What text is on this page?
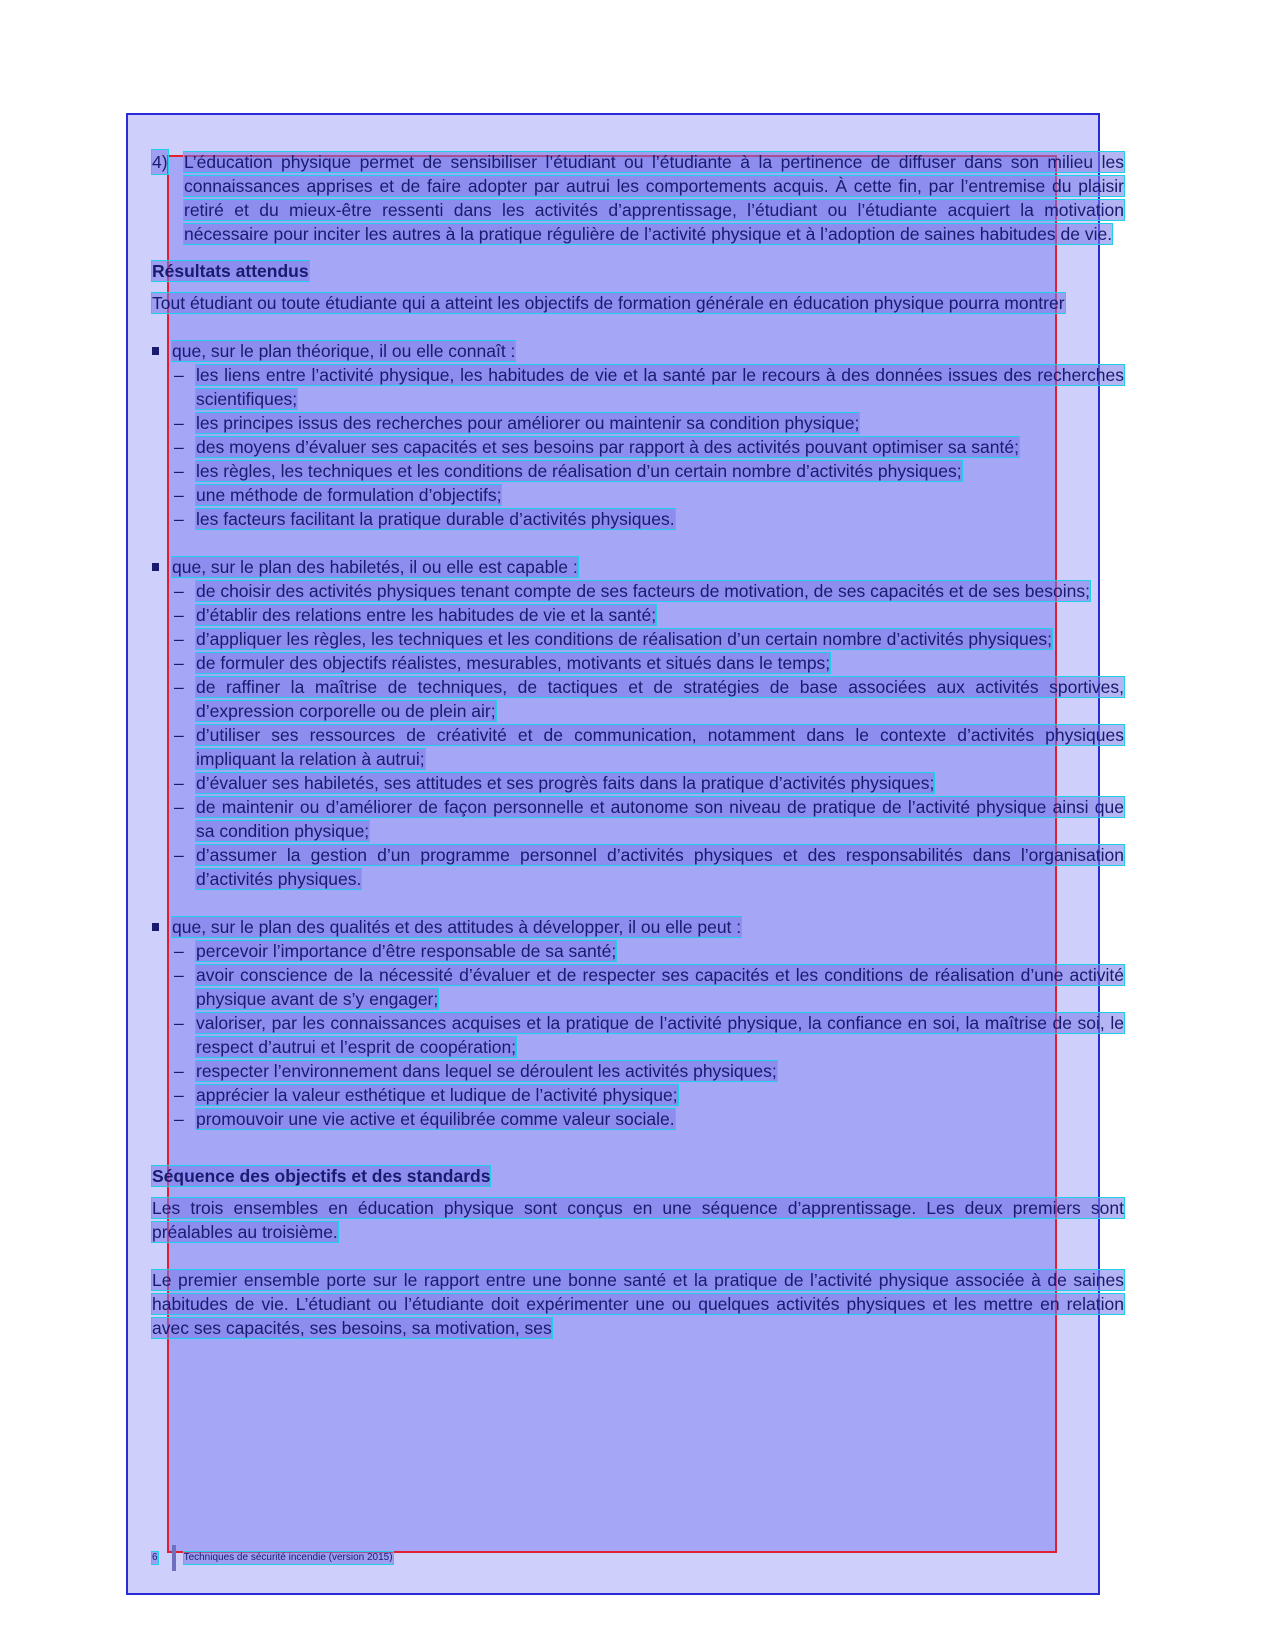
4) L’éducation physique permet de sensibiliser l’étudiant ou l’étudiante à la pertinence de diffuser dans son milieu les connaissances apprises et de faire adopter par autrui les comportements acquis. À cette fin, par l’entremise du plaisir retiré et du mieux-être ressenti dans les activités d’apprentissage, l’étudiant ou l’étudiante acquiert la motivation nécessaire pour inciter les autres à la pratique régulière de l’activité physique et à l’adoption de saines habitudes de vie.

Résultats attendus

Tout étudiant ou toute étudiante qui a atteint les objectifs de formation générale en éducation physique pourra montrer

que, sur le plan théorique, il ou elle connaît :
– les liens entre l’activité physique, les habitudes de vie et la santé par le recours à des données issues des recherches scientifiques;
– les principes issus des recherches pour améliorer ou maintenir sa condition physique;
– des moyens d’évaluer ses capacités et ses besoins par rapport à des activités pouvant optimiser sa santé;
– les règles, les techniques et les conditions de réalisation d’un certain nombre d’activités physiques;
– une méthode de formulation d’objectifs;
– les facteurs facilitant la pratique durable d’activités physiques.
que, sur le plan des habiletés, il ou elle est capable :
– de choisir des activités physiques tenant compte de ses facteurs de motivation, de ses capacités et de ses besoins;
– d’établir des relations entre les habitudes de vie et la santé;
– d’appliquer les règles, les techniques et les conditions de réalisation d’un certain nombre d’activités physiques;
– de formuler des objectifs réalistes, mesurables, motivants et situés dans le temps;
– de raffiner la maîtrise de techniques, de tactiques et de stratégies de base associées aux activités sportives, d’expression corporelle ou de plein air;
– d’utiliser ses ressources de créativité et de communication, notamment dans le contexte d’activités physiques impliquant la relation à autrui;
– d’évaluer ses habiletés, ses attitudes et ses progrès faits dans la pratique d’activités physiques;
– de maintenir ou d’améliorer de façon personnelle et autonome son niveau de pratique de l’activité physique ainsi que sa condition physique;
– d’assumer la gestion d’un programme personnel d’activités physiques et des responsabilités dans l’organisation d’activités physiques.
que, sur le plan des qualités et des attitudes à développer, il ou elle peut :
– percevoir l’importance d’être responsable de sa santé;
– avoir conscience de la nécessité d’évaluer et de respecter ses capacités et les conditions de réalisation d’une activité physique avant de s’y engager;
– valoriser, par les connaissances acquises et la pratique de l’activité physique, la confiance en soi, la maîtrise de soi, le respect d’autrui et l’esprit de coopération;
– respecter l’environnement dans lequel se déroulent les activités physiques;
– apprécier la valeur esthétique et ludique de l’activité physique;
– promouvoir une vie active et équilibrée comme valeur sociale.

Séquence des objectifs et des standards

Les trois ensembles en éducation physique sont conçus en une séquence d’apprentissage. Les deux premiers sont préalables au troisième.

Le premier ensemble porte sur le rapport entre une bonne santé et la pratique de l’activité physique associée à de saines habitudes de vie. L’étudiant ou l’étudiante doit expérimenter une ou quelques activités physiques et les mettre en relation avec ses capacités, ses besoins, sa motivation, ses

6	Techniques de sécurité incendie (version 2015)
